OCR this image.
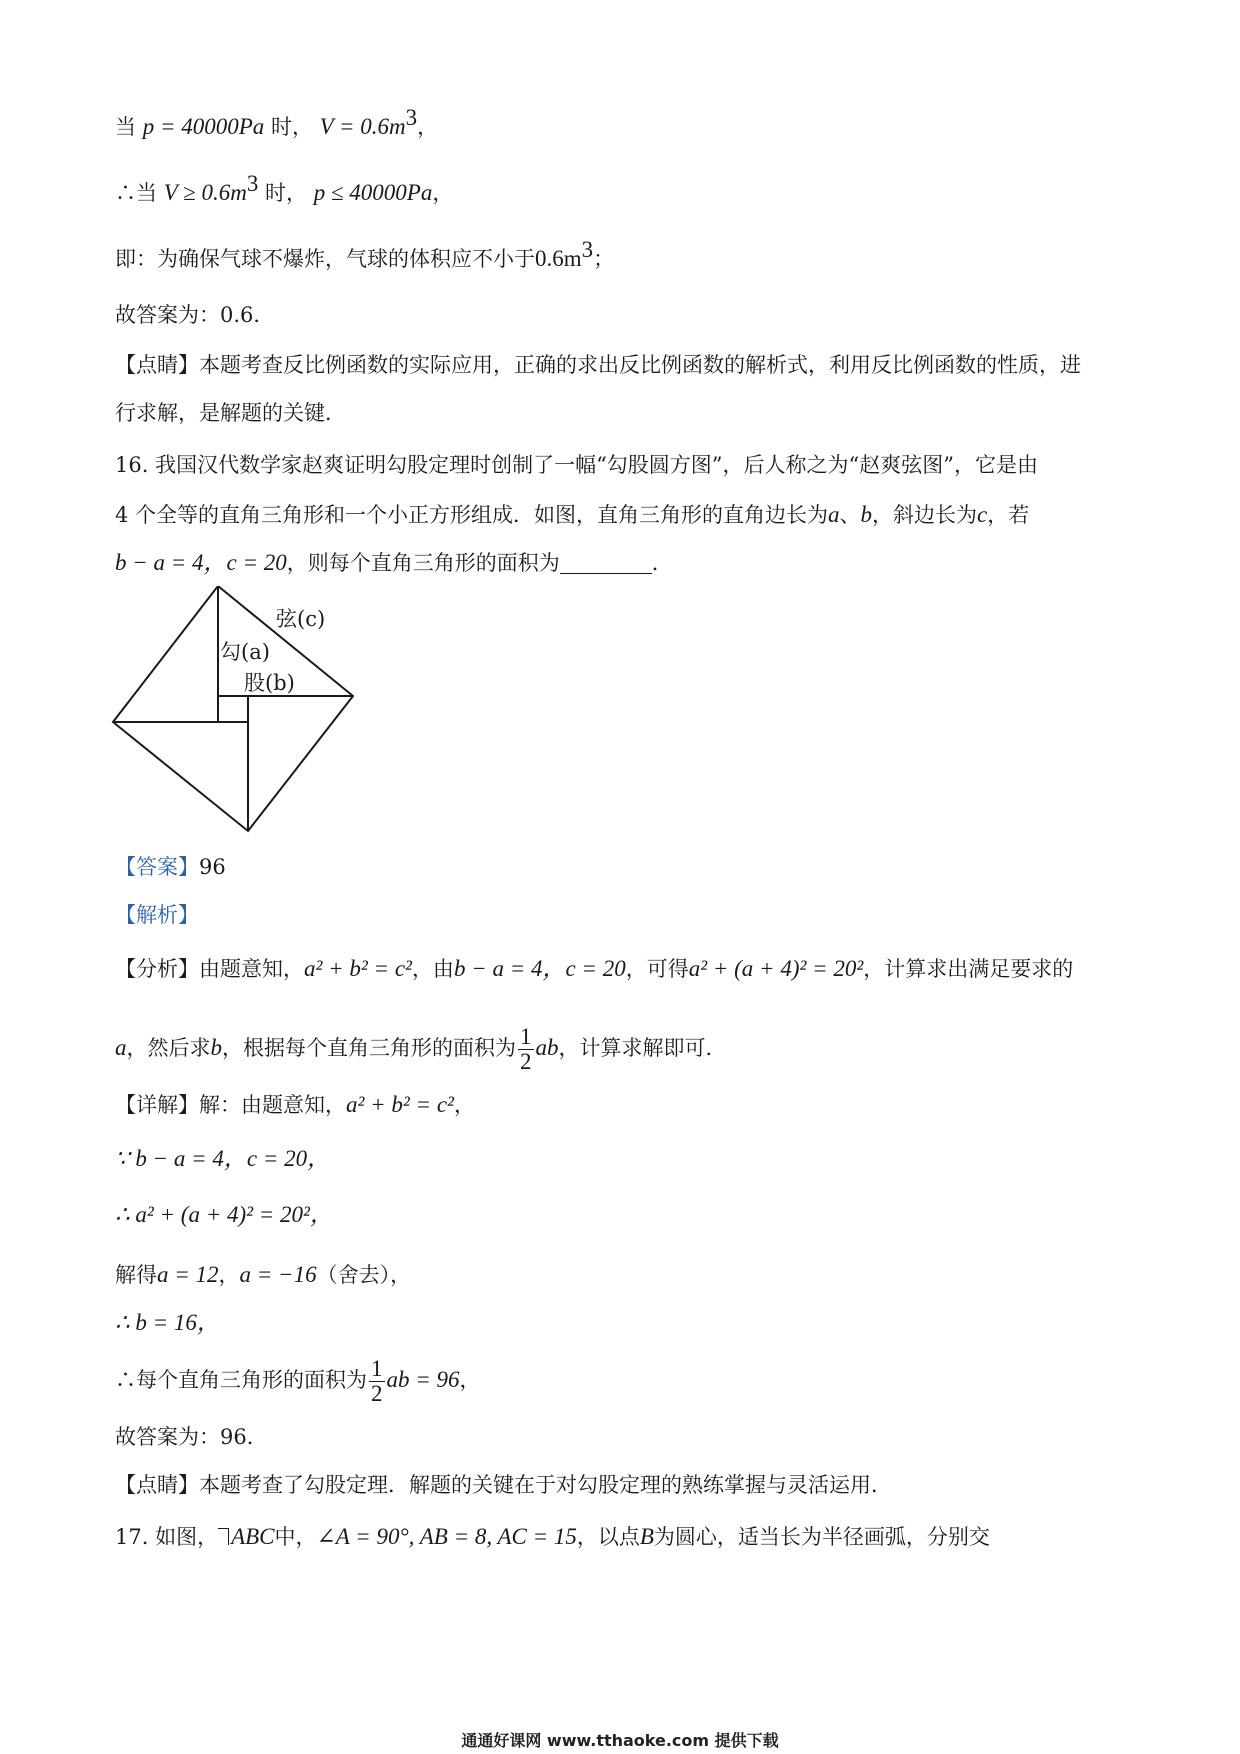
当 p = 40000Pa 时， $V = 0.6m^3$，
∴当 $V \ge 0.6m^3$ 时， p ≤ 40000Pa，
即：为确保气球不爆炸，气球的体积应不小于$0.6m^3$；
故答案为：0.6．
【点睛】本题考查反比例函数的实际应用，正确的求出反比例函数的解析式，利用反比例函数的性质，进
行求解，是解题的关键．
16. 我国汉代数学家赵爽证明勾股定理时创制了一幅“勾股圆方图”，后人称之为“赵爽弦图”，它是由
4 个全等的直角三角形和一个小正方形组成．如图，直角三角形的直角边长为a、b，斜边长为c，若
b − a = 4，c = 20，则每个直角三角形的面积为	．
弦(c)
勾(a)
股(b)
【答案】96
【解析】
【分析】由题意知，a² + b² = c²，由b − a = 4，c = 20，可得a² + (a + 4)² = 20²，计算求出满足要求的
a，然后求b，根据每个直角三角形的面积为 $\frac{1}{2}$ ab，计算求解即可．
【详解】解：由题意知，a² + b² = c²，
∵ b − a = 4，c = 20，
∴ a² + (a + 4)² = 20²，
解得a = 12，a = −16（舍去），
∴ b = 16，
∴每个直角三角形的面积为 $\frac{1}{2}$ ab = 96，
故答案为：96．
【点睛】本题考查了勾股定理．解题的关键在于对勾股定理的熟练掌握与灵活运用．
17. 如图， ABC中，∠A = 90°, AB = 8, AC = 15，以点B为圆心，适当长为半径画弧，分别交
通通好课网 www.tthaoke.com 提供下载
